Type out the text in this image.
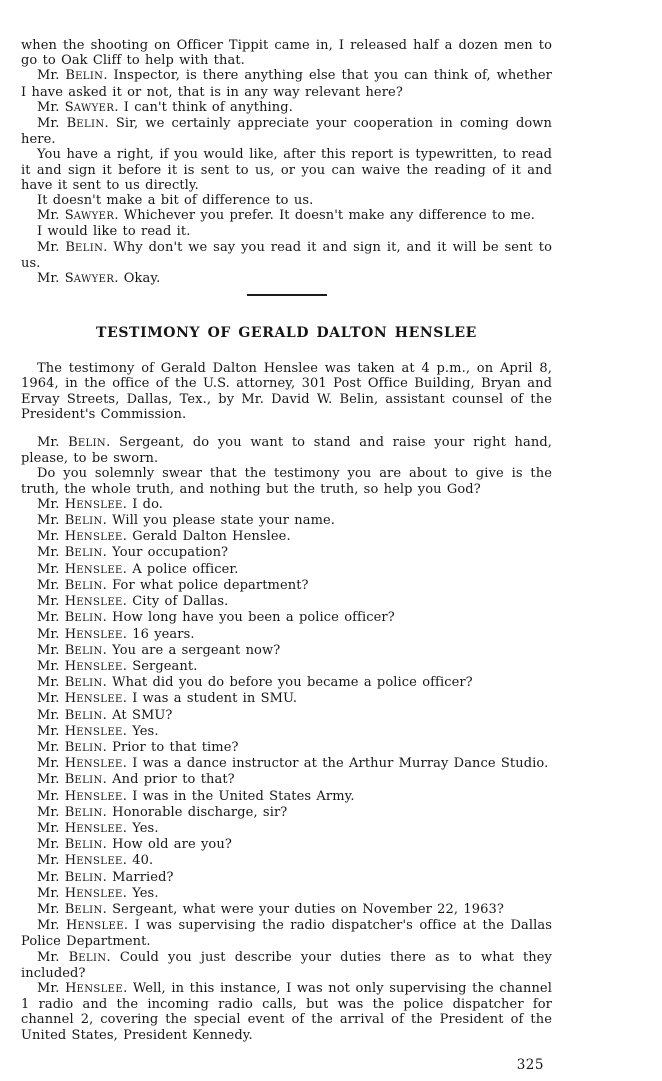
when the shooting on Officer Tippit came in, I released half a dozen men to go to Oak Cliff to help with that.

Mr. BELIN. Inspector, is there anything else that you can think of, whether I have asked it or not, that is in any way relevant here?

Mr. SAWYER. I can't think of anything.

Mr. BELIN. Sir, we certainly appreciate your cooperation in coming down here.

You have a right, if you would like, after this report is typewritten, to read it and sign it before it is sent to us, or you can waive the reading of it and have it sent to us directly.

It doesn't make a bit of difference to us.

Mr. SAWYER. Whichever you prefer. It doesn't make any difference to me.

I would like to read it.

Mr. BELIN. Why don't we say you read it and sign it, and it will be sent to us.

Mr. SAWYER. Okay.

TESTIMONY OF GERALD DALTON HENSLEE

The testimony of Gerald Dalton Henslee was taken at 4 p.m., on April 8, 1964, in the office of the U.S. attorney, 301 Post Office Building, Bryan and Ervay Streets, Dallas, Tex., by Mr. David W. Belin, assistant counsel of the President's Commission.

Mr. BELIN. Sergeant, do you want to stand and raise your right hand, please, to be sworn.

Do you solemnly swear that the testimony you are about to give is the truth, the whole truth, and nothing but the truth, so help you God?

Mr. HENSLEE. I do.

Mr. BELIN. Will you please state your name.

Mr. HENSLEE. Gerald Dalton Henslee.

Mr. BELIN. Your occupation?

Mr. HENSLEE. A police officer.

Mr. BELIN. For what police department?

Mr. HENSLEE. City of Dallas.

Mr. BELIN. How long have you been a police officer?

Mr. HENSLEE. 16 years.

Mr. BELIN. You are a sergeant now?

Mr. HENSLEE. Sergeant.

Mr. BELIN. What did you do before you became a police officer?

Mr. HENSLEE. I was a student in SMU.

Mr. BELIN. At SMU?

Mr. HENSLEE. Yes.

Mr. BELIN. Prior to that time?

Mr. HENSLEE. I was a dance instructor at the Arthur Murray Dance Studio.

Mr. BELIN. And prior to that?

Mr. HENSLEE. I was in the United States Army.

Mr. BELIN. Honorable discharge, sir?

Mr. HENSLEE. Yes.

Mr. BELIN. How old are you?

Mr. HENSLEE. 40.

Mr. BELIN. Married?

Mr. HENSLEE. Yes.

Mr. BELIN. Sergeant, what were your duties on November 22, 1963?

Mr. HENSLEE. I was supervising the radio dispatcher's office at the Dallas Police Department.

Mr. BELIN. Could you just describe your duties there as to what they included?

Mr. HENSLEE. Well, in this instance, I was not only supervising the channel 1 radio and the incoming radio calls, but was the police dispatcher for channel 2, covering the special event of the arrival of the President of the United States, President Kennedy.

325
